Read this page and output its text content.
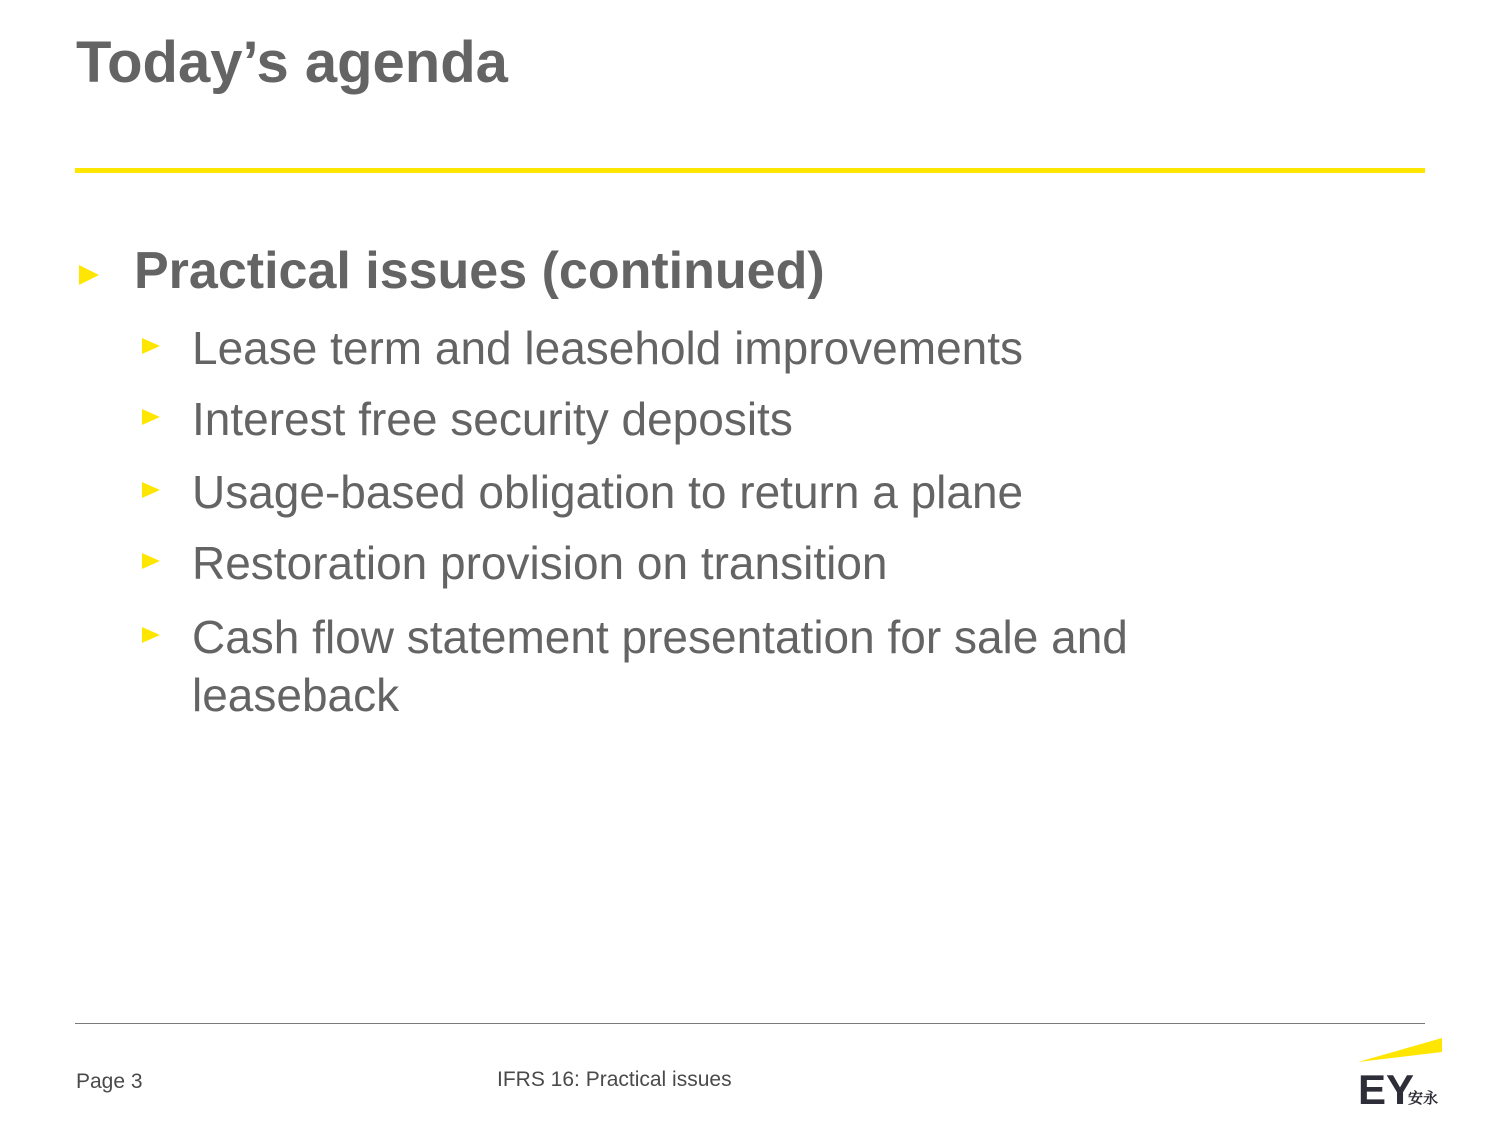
Today’s agenda
Practical issues (continued)
Lease term and leasehold improvements
Interest free security deposits
Usage-based obligation to return a plane
Restoration provision on transition
Cash flow statement presentation for sale and leaseback
Page 3	IFRS 16: Practical issues	EY
安永
